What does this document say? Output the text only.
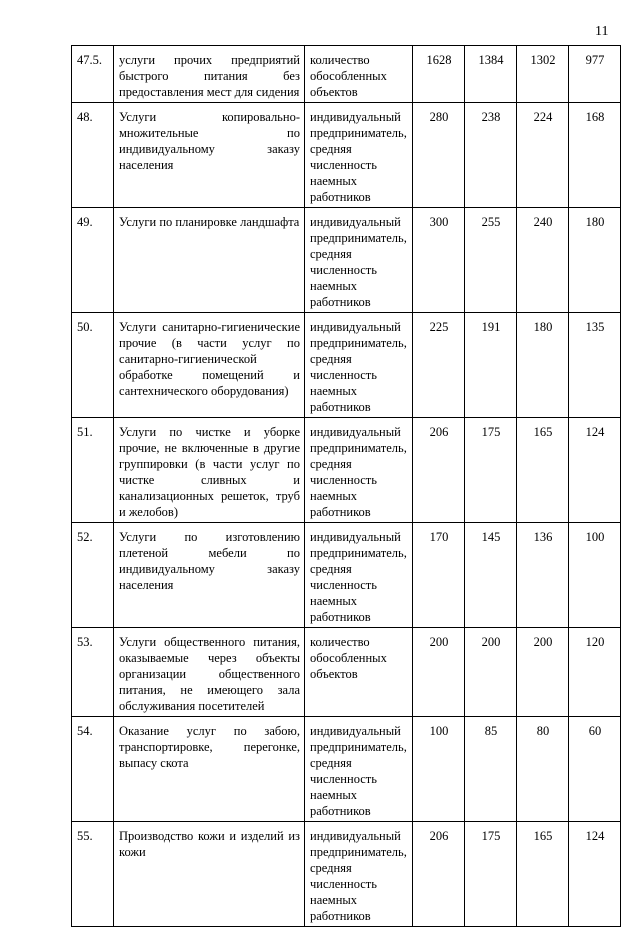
11
47.5.	услуги прочих предприятий быстрого питания без предоставления мест для сидения	количество обособленных объектов	1628	1384	1302	977
48.	Услуги копировально-множительные по индивидуальному заказу населения	индивидуальный предприниматель, средняя численность наемных работников	280	238	224	168
49.	Услуги по планировке ландшафта	индивидуальный предприниматель, средняя численность наемных работников	300	255	240	180
50.	Услуги санитарно-гигиенические прочие (в части услуг по санитарно-гигиенической обработке помещений и сантехнического оборудования)	индивидуальный предприниматель, средняя численность наемных работников	225	191	180	135
51.	Услуги по чистке и уборке прочие, не включенные в другие группировки (в части услуг по чистке сливных и канализационных решеток, труб и желобов)	индивидуальный предприниматель, средняя численность наемных работников	206	175	165	124
52.	Услуги по изготовлению плетеной мебели по индивидуальному заказу населения	индивидуальный предприниматель, средняя численность наемных работников	170	145	136	100
53.	Услуги общественного питания, оказываемые через объекты организации общественного питания, не имеющего зала обслуживания посетителей	количество обособленных объектов	200	200	200	120
54.	Оказание услуг по забою, транспортировке, перегонке, выпасу скота	индивидуальный предприниматель, средняя численность наемных работников	100	85	80	60
55.	Производство кожи и изделий из кожи	индивидуальный предприниматель, средняя численность наемных работников	206	175	165	124
